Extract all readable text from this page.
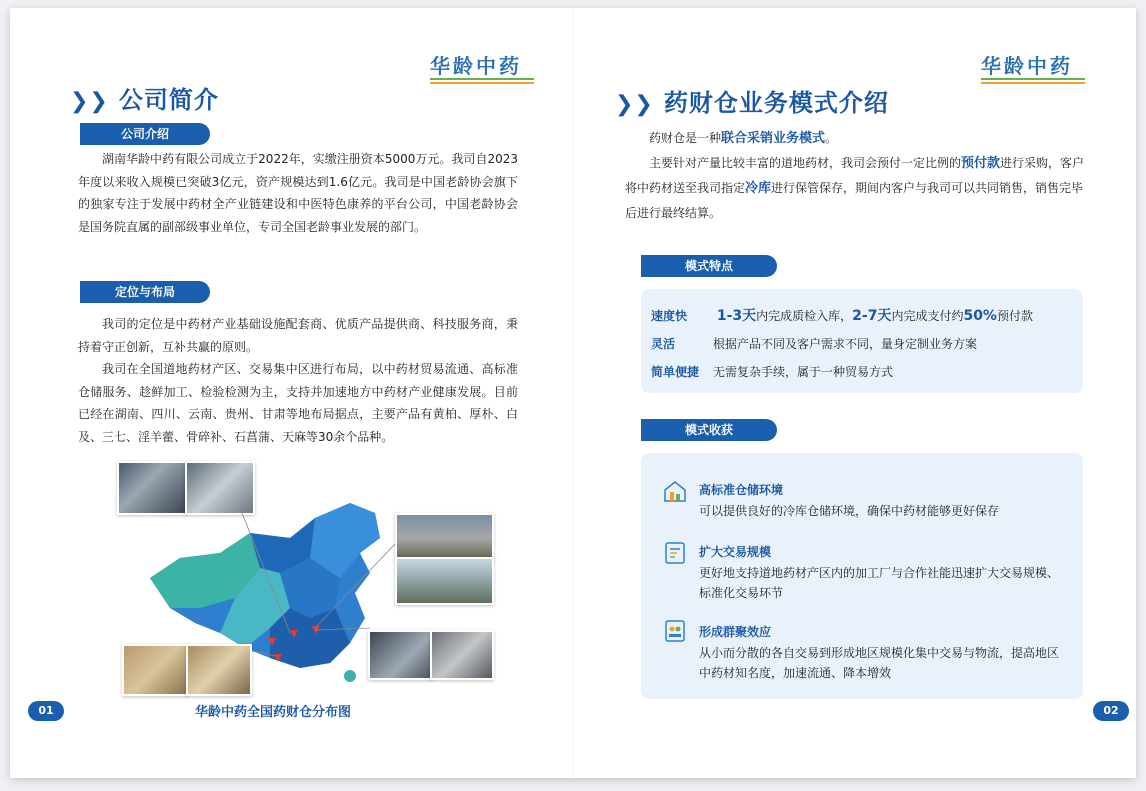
华龄中药
❯❯ 公司简介
公司介绍

湖南华龄中药有限公司成立于2022年，实缴注册资本5000万元。我司自2023年度以来收入规模已突破3亿元，资产规模达到1.6亿元。我司是中国老龄协会旗下的独家专注于发展中药材全产业链建设和中医特色康养的平台公司，中国老龄协会是国务院直属的副部级事业单位，专司全国老龄事业发展的部门。

定位与布局

我司的定位是中药材产业基础设施配套商、优质产品提供商、科技服务商，秉持着守正创新，互补共赢的原则。

我司在全国道地药材产区、交易集中区进行布局，以中药材贸易流通、高标准仓储服务、趁鲜加工、检验检测为主，支持并加速地方中药材产业健康发展。目前已经在湖南、四川、云南、贵州、甘肃等地布局据点，主要产品有黄柏、厚朴、白及、三七、淫羊藿、骨碎补、石菖蒲、天麻等30余个品种。

华龄中药全国药财仓分布图
01
华龄中药
❯❯ 药财仓业务模式介绍

药财仓是一种联合采销业务模式。

主要针对产量比较丰富的道地药材，我司会预付一定比例的预付款进行采购，客户将中药材送至我司指定冷库进行保管保存，期间内客户与我司可以共同销售，销售完毕后进行最终结算。

模式特点
速度快 1-3天内完成质检入库，2-7天内完成支付约50%预付款
灵活	根据产品不同及客户需求不同，量身定制业务方案
简单便捷 无需复杂手续，属于一种贸易方式
模式收获
高标准仓储环境
可以提供良好的冷库仓储环境，确保中药材能够更好保存
扩大交易规模
更好地支持道地药材产区内的加工厂与合作社能迅速扩大交易规模、标准化交易环节
形成群聚效应
从小而分散的各自交易到形成地区规模化集中交易与物流，提高地区中药材知名度，加速流通、降本增效
02
